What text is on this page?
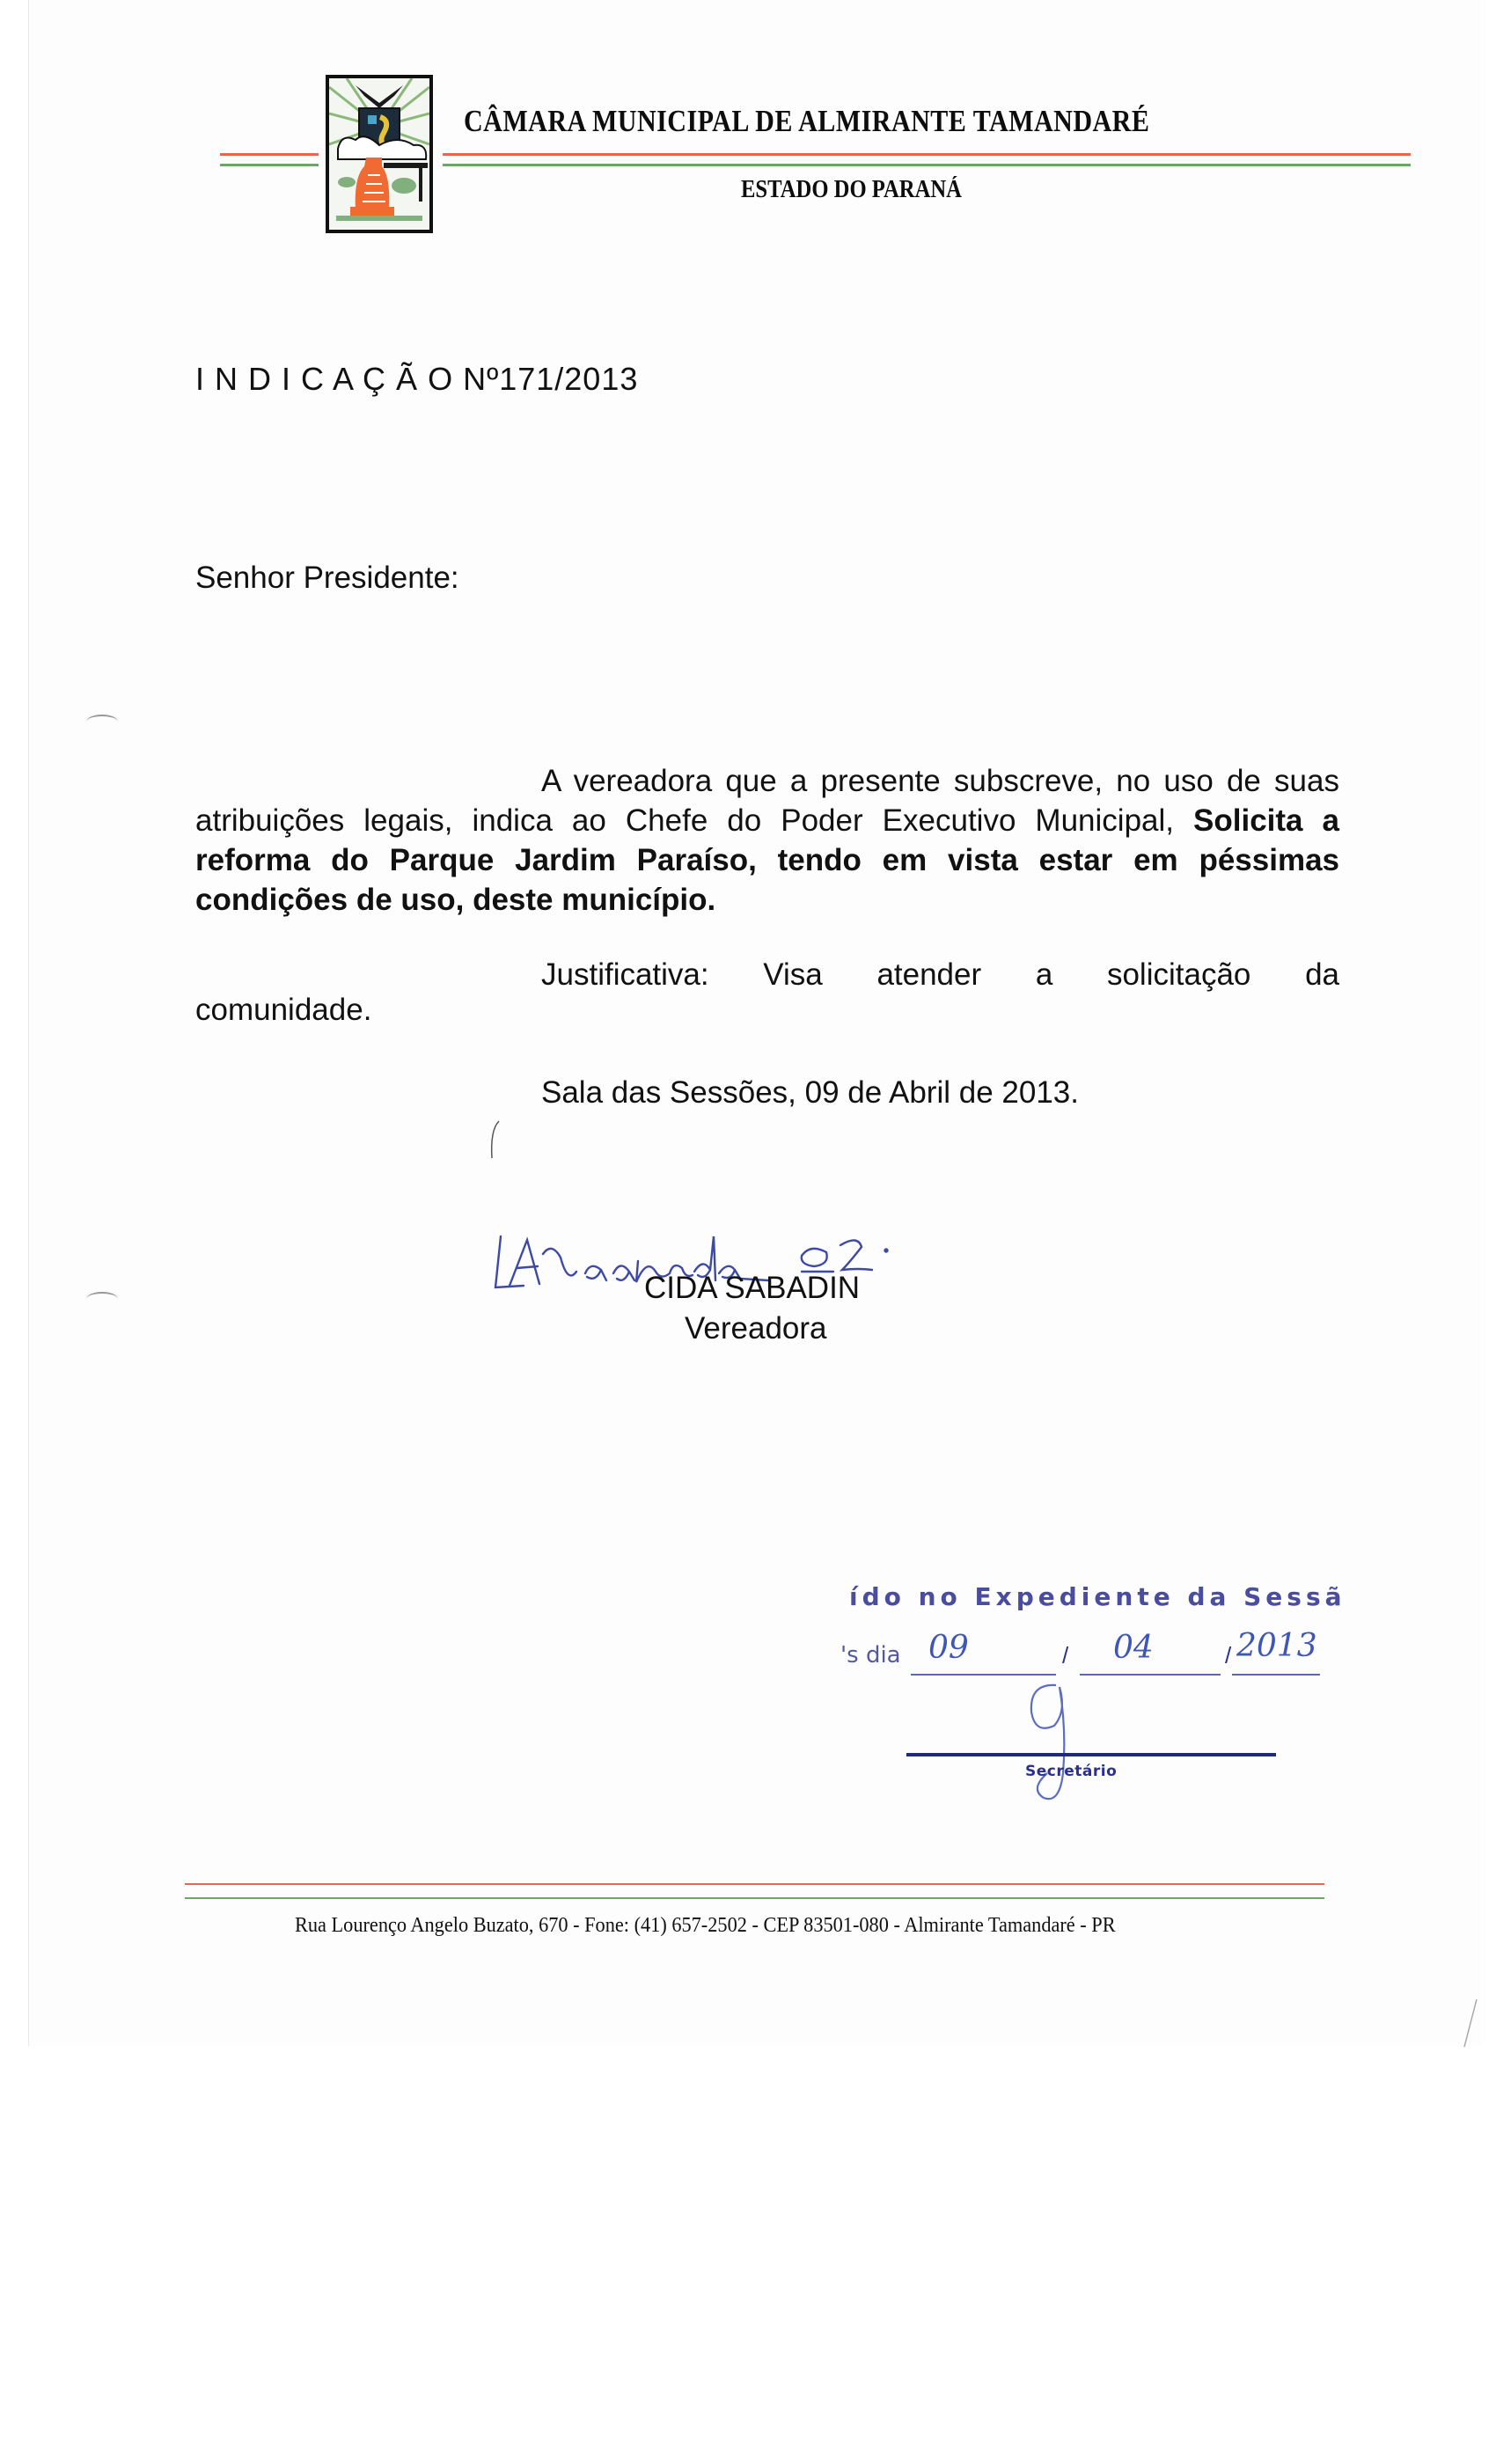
CÂMARA MUNICIPAL DE ALMIRANTE TAMANDARÉ
ESTADO DO PARANÁ
I N D I C A Ç Ã O Nº171/2013
Senhor Presidente:
A vereadora que a presente subscreve, no uso de suas atribuições legais, indica ao Chefe do Poder Executivo Municipal, Solicita a reforma do Parque Jardim Paraíso, tendo em vista estar em péssimas condições de uso, deste município.
Justificativa: Visa atender a solicitação da
comunidade.
Sala das Sessões, 09 de Abril de 2013.
CIDA SABADIN
Vereadora
ído no Expediente da Sessã
's dia 09	/ 04	/ 2013
Secretário
Rua Lourenço Angelo Buzato, 670 - Fone: (41) 657-2502 - CEP 83501-080 - Almirante Tamandaré - PR
